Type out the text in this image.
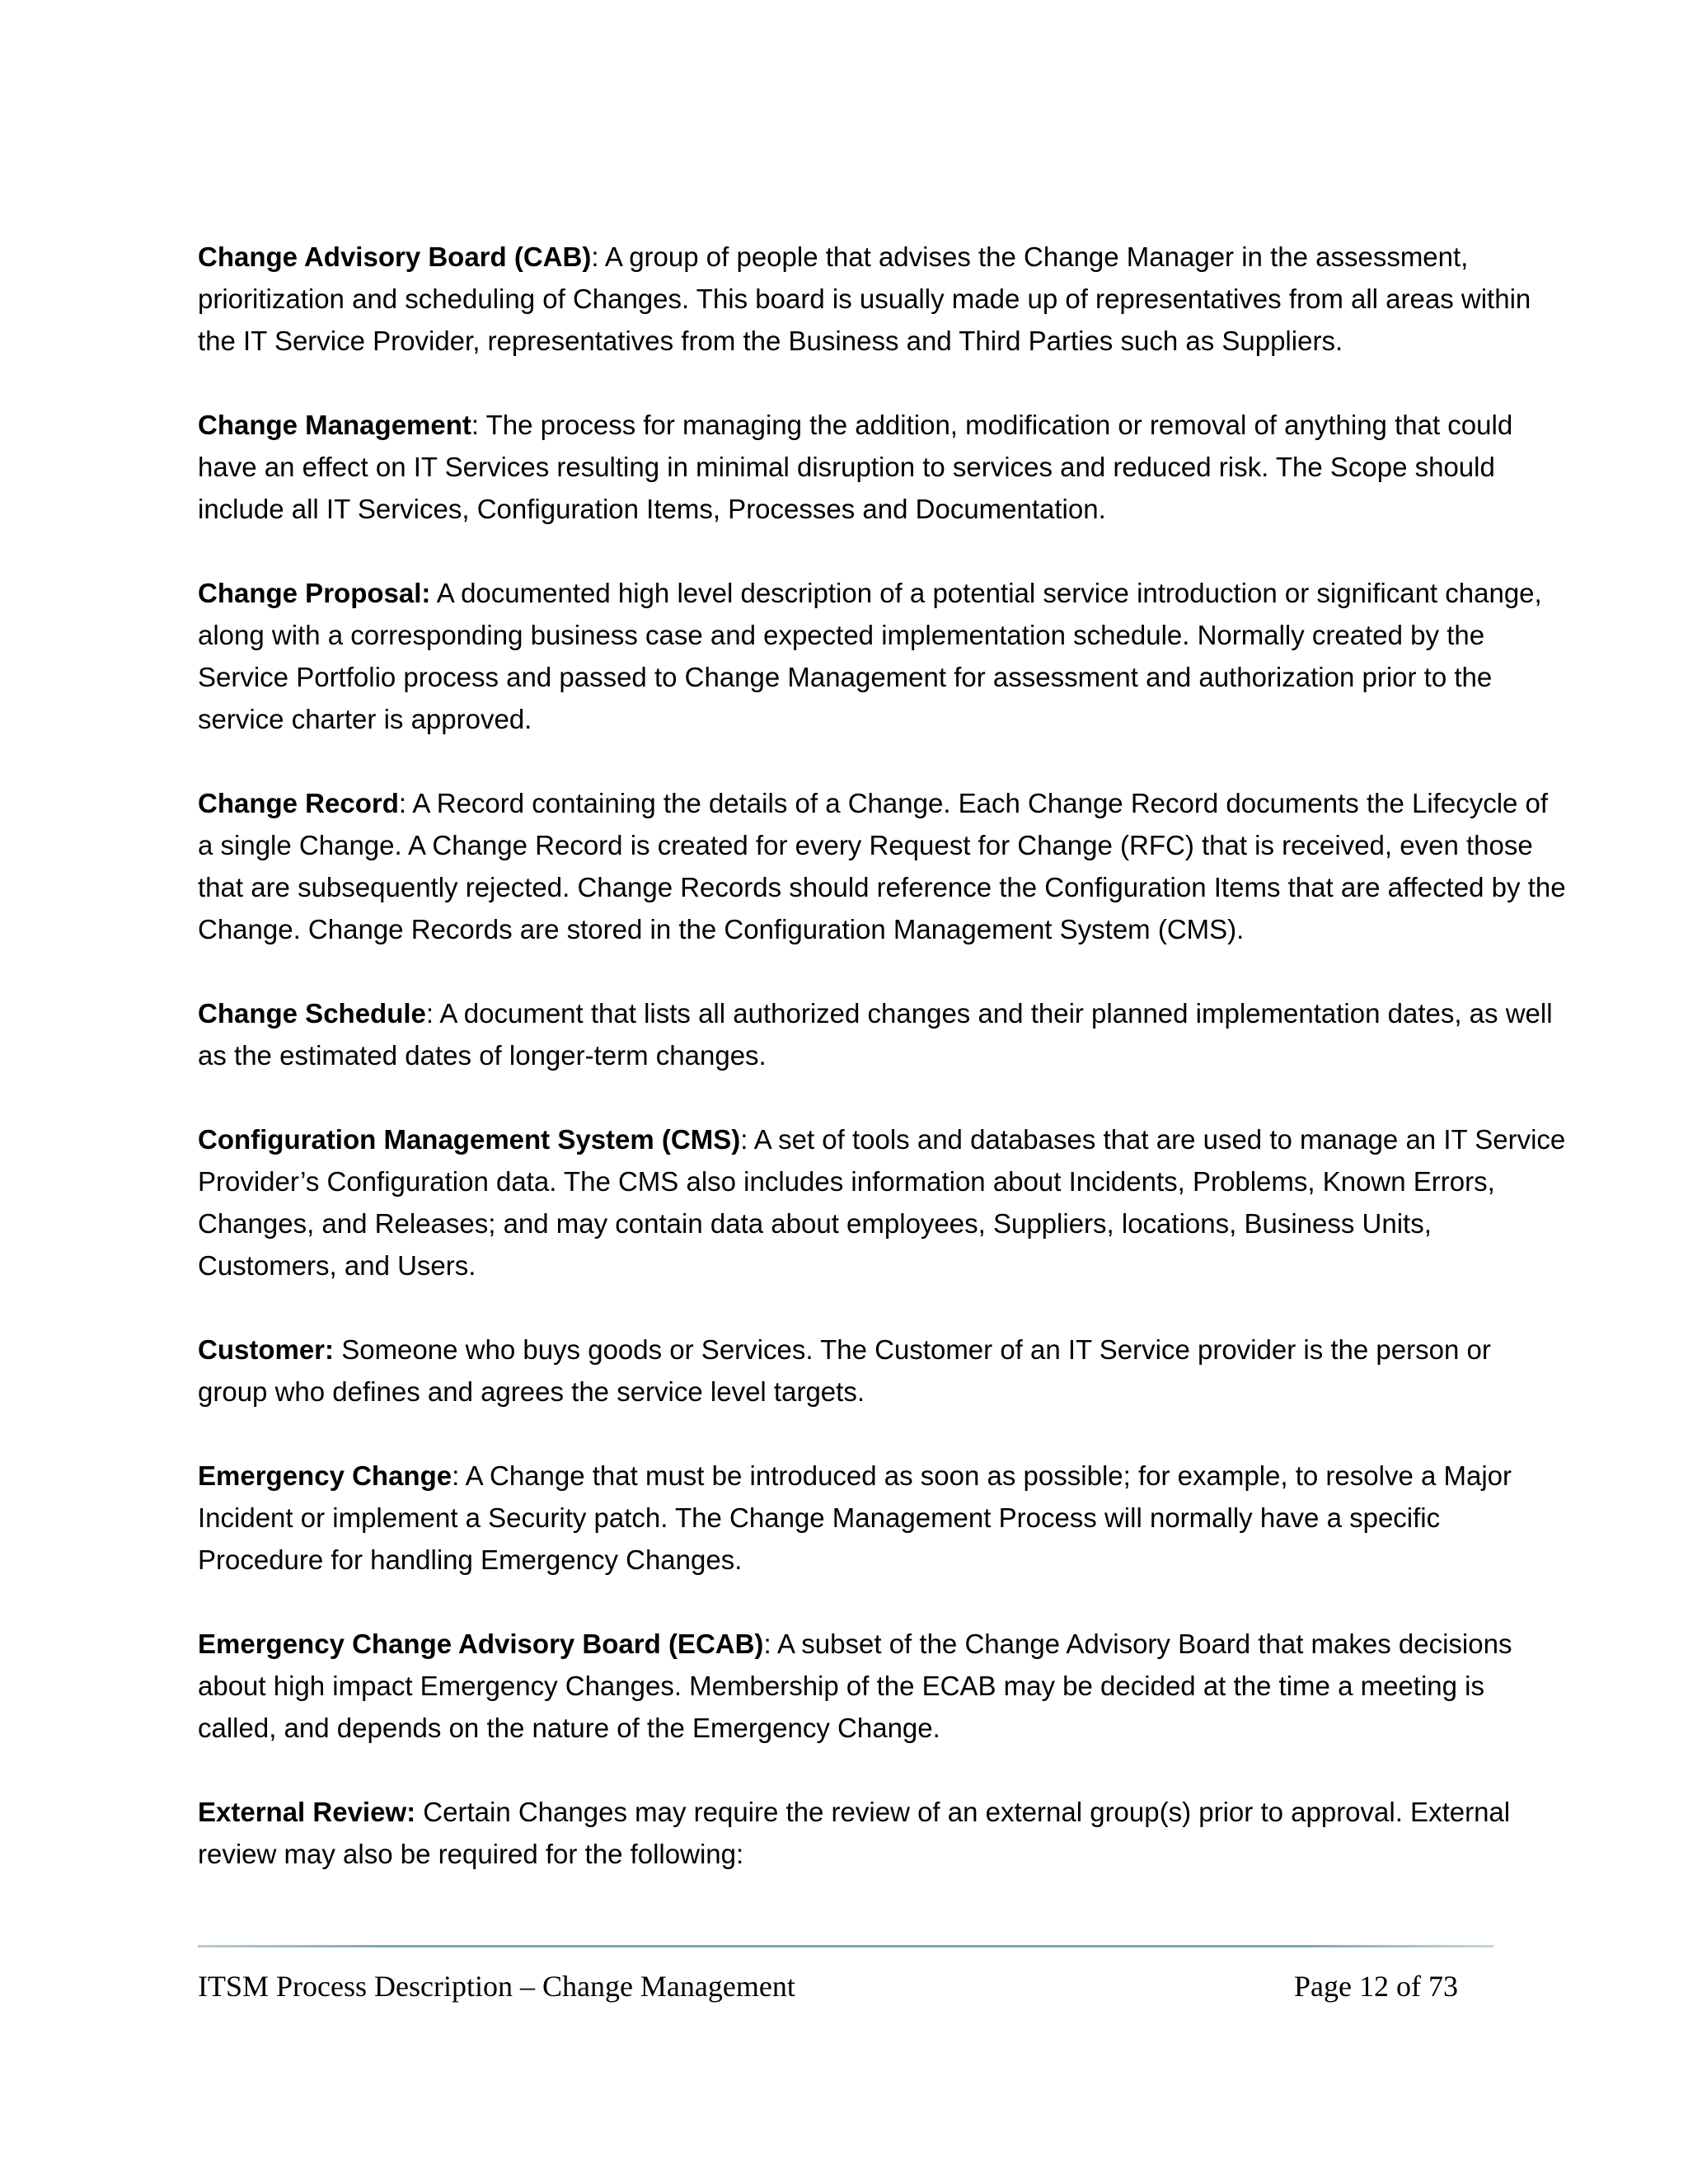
Change Advisory Board (CAB): A group of people that advises the Change Manager in the assessment, prioritization and scheduling of Changes. This board is usually made up of representatives from all areas within the IT Service Provider, representatives from the Business and Third Parties such as Suppliers.

Change Management: The process for managing the addition, modification or removal of anything that could have an effect on IT Services resulting in minimal disruption to services and reduced risk. The Scope should include all IT Services, Configuration Items, Processes and Documentation.

Change Proposal: A documented high level description of a potential service introduction or significant change, along with a corresponding business case and expected implementation schedule. Normally created by the Service Portfolio process and passed to Change Management for assessment and authorization prior to the service charter is approved.

Change Record: A Record containing the details of a Change. Each Change Record documents the Lifecycle of a single Change. A Change Record is created for every Request for Change (RFC) that is received, even those that are subsequently rejected. Change Records should reference the Configuration Items that are affected by the Change. Change Records are stored in the Configuration Management System (CMS).

Change Schedule: A document that lists all authorized changes and their planned implementation dates, as well as the estimated dates of longer-term changes.

Configuration Management System (CMS): A set of tools and databases that are used to manage an IT Service Provider’s Configuration data. The CMS also includes information about Incidents, Problems, Known Errors, Changes, and Releases; and may contain data about employees, Suppliers, locations, Business Units, Customers, and Users.

Customer: Someone who buys goods or Services. The Customer of an IT Service provider is the person or group who defines and agrees the service level targets.

Emergency Change: A Change that must be introduced as soon as possible; for example, to resolve a Major Incident or implement a Security patch. The Change Management Process will normally have a specific Procedure for handling Emergency Changes.

Emergency Change Advisory Board (ECAB): A subset of the Change Advisory Board that makes decisions about high impact Emergency Changes. Membership of the ECAB may be decided at the time a meeting is called, and depends on the nature of the Emergency Change.

External Review: Certain Changes may require the review of an external group(s) prior to approval. External review may also be required for the following:

ITSM Process Description – Change Management	Page 12 of 73
